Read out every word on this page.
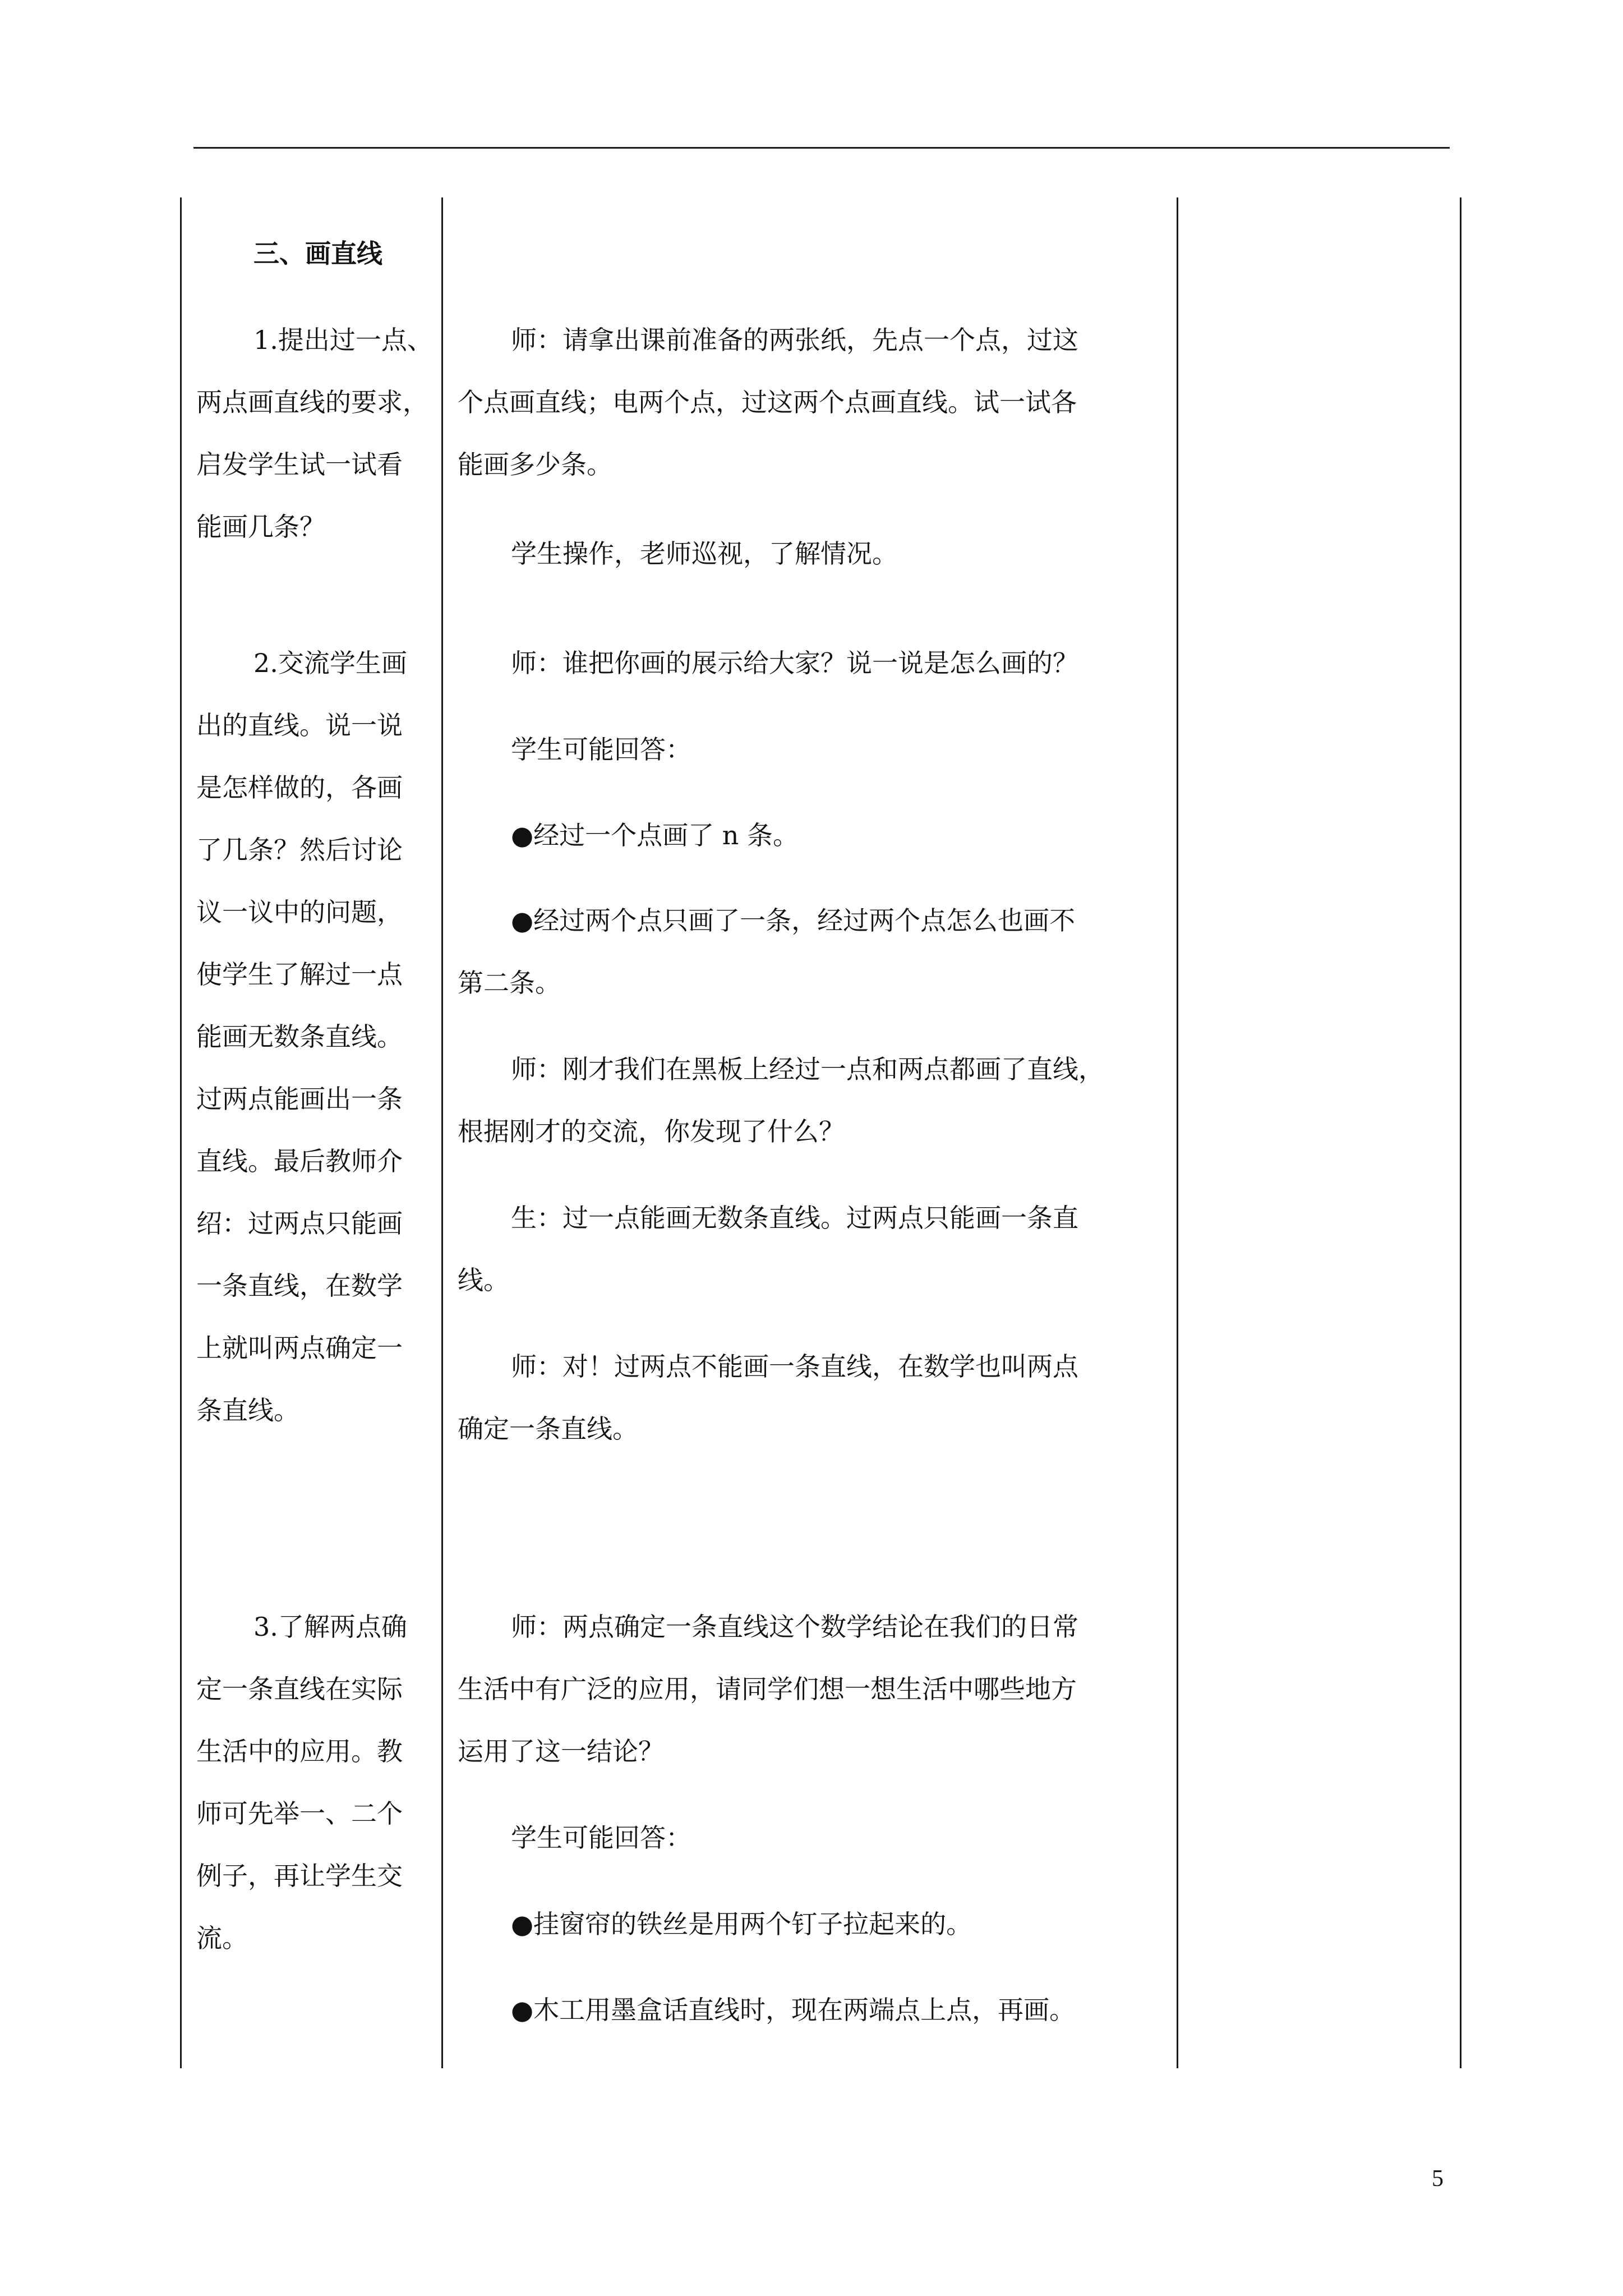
三、画直线

1.提出过一点、

两点画直线的要求，

启发学生试一试看

能画几条？

2.交流学生画

出的直线。说一说

是怎样做的，各画

了几条？然后讨论

议一议中的问题，

使学生了解过一点

能画无数条直线。

过两点能画出一条

直线。最后教师介

绍：过两点只能画

一条直线，在数学

上就叫两点确定一

条直线。

3.了解两点确

定一条直线在实际

生活中的应用。教

师可先举一、二个

例子，再让学生交

流。

师：请拿出课前准备的两张纸，先点一个点，过这

个点画直线；电两个点，过这两个点画直线。试一试各

能画多少条。

学生操作，老师巡视，了解情况。

师：谁把你画的展示给大家？说一说是怎么画的？

学生可能回答：

●经过一个点画了 n 条。

●经过两个点只画了一条，经过两个点怎么也画不

第二条。

师：刚才我们在黑板上经过一点和两点都画了直线，

根据刚才的交流，你发现了什么？

生：过一点能画无数条直线。过两点只能画一条直

线。

师：对！过两点不能画一条直线，在数学也叫两点

确定一条直线。

师：两点确定一条直线这个数学结论在我们的日常

生活中有广泛的应用，请同学们想一想生活中哪些地方

运用了这一结论？

学生可能回答：

●挂窗帘的铁丝是用两个钉子拉起来的。

●木工用墨盒话直线时，现在两端点上点，再画。

5
